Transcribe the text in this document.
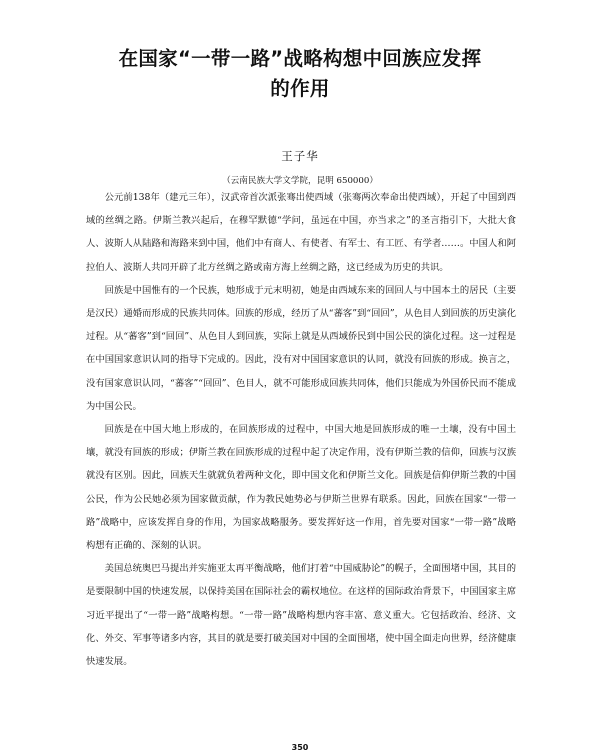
在国家“一带一路”战略构想中回族应发挥
的作用
王子华
（云南民族大学文学院，昆明 650000）

公元前138年（建元三年），汉武帝首次派张骞出使西域（张骞两次奉命出使西域），开起了中国到西域的丝绸之路。伊斯兰教兴起后，在穆罕默德“学问，虽远在中国，亦当求之”的圣言指引下，大批大食人、波斯人从陆路和海路来到中国，他们中有商人、有使者、有军士、有工匠、有学者……。中国人和阿拉伯人、波斯人共同开辟了北方丝绸之路或南方海上丝绸之路，这已经成为历史的共识。

回族是中国惟有的一个民族，她形成于元末明初，她是由西域东来的回回人与中国本土的居民（主要是汉民）通婚而形成的民族共同体。回族的形成，经历了从“蕃客”到“回回”，从色目人到回族的历史演化过程。从“蕃客”到“回回”、从色目人到回族，实际上就是从西域侨民到中国公民的演化过程。这一过程是在中国国家意识认同的指导下完成的。因此，没有对中国国家意识的认同，就没有回族的形成。换言之，没有国家意识认同，“蕃客”“回回”、色目人，就不可能形成回族共同体，他们只能成为外国侨民而不能成为中国公民。

回族是在中国大地上形成的，在回族形成的过程中，中国大地是回族形成的唯一土壤，没有中国土壤，就没有回族的形成；伊斯兰教在回族形成的过程中起了决定作用，没有伊斯兰教的信仰，回族与汉族就没有区别。因此，回族天生就就负着两种文化，即中国文化和伊斯兰文化。回族是信仰伊斯兰教的中国公民，作为公民她必须为国家做贡献，作为教民她势必与伊斯兰世界有联系。因此，回族在国家“一带一路”战略中，应该发挥自身的作用，为国家战略服务。要发挥好这一作用，首先要对国家“一带一路”战略构想有正确的、深刻的认识。

美国总统奥巴马提出并实施亚太再平衡战略，他们打着“中国威胁论”的幌子，全面围堵中国，其目的是要限制中国的快速发展，以保持美国在国际社会的霸权地位。在这样的国际政治背景下，中国国家主席习近平提出了“一带一路”战略构想。“一带一路”战略构想内容丰富、意义重大。它包括政治、经济、文化、外交、军事等诸多内容，其目的就是要打破美国对中国的全面围堵，使中国全面走向世界，经济健康快速发展。

350
